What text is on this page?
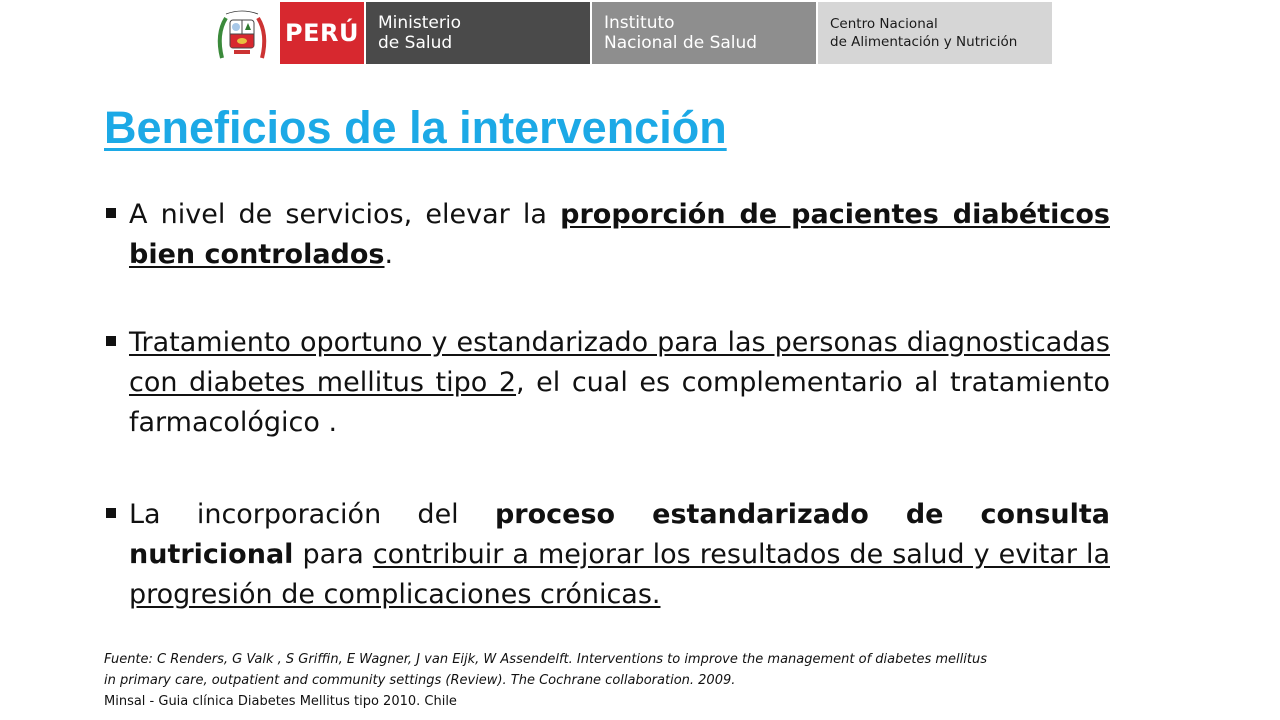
PERÚ Ministerio
de Salud
Instituto
Nacional de Salud
Centro Nacional
de Alimentación y Nutrición
Beneficios de la intervención
A nivel de servicios, elevar la proporción de pacientes diabéticos bien controlados.
Tratamiento oportuno y estandarizado para las personas diagnosticadas con diabetes mellitus tipo 2, el cual es complementario al tratamiento farmacológico .
La incorporación del proceso estandarizado de consulta nutricional para contribuir a mejorar los resultados de salud y evitar la progresión de complicaciones crónicas.
Fuente: C Renders, G Valk , S Griffin, E Wagner, J van Eijk, W Assendelft. Interventions to improve the management of diabetes mellitus
in primary care, outpatient and community settings (Review). The Cochrane collaboration. 2009.
Minsal - Guia clínica Diabetes Mellitus tipo 2010. Chile
